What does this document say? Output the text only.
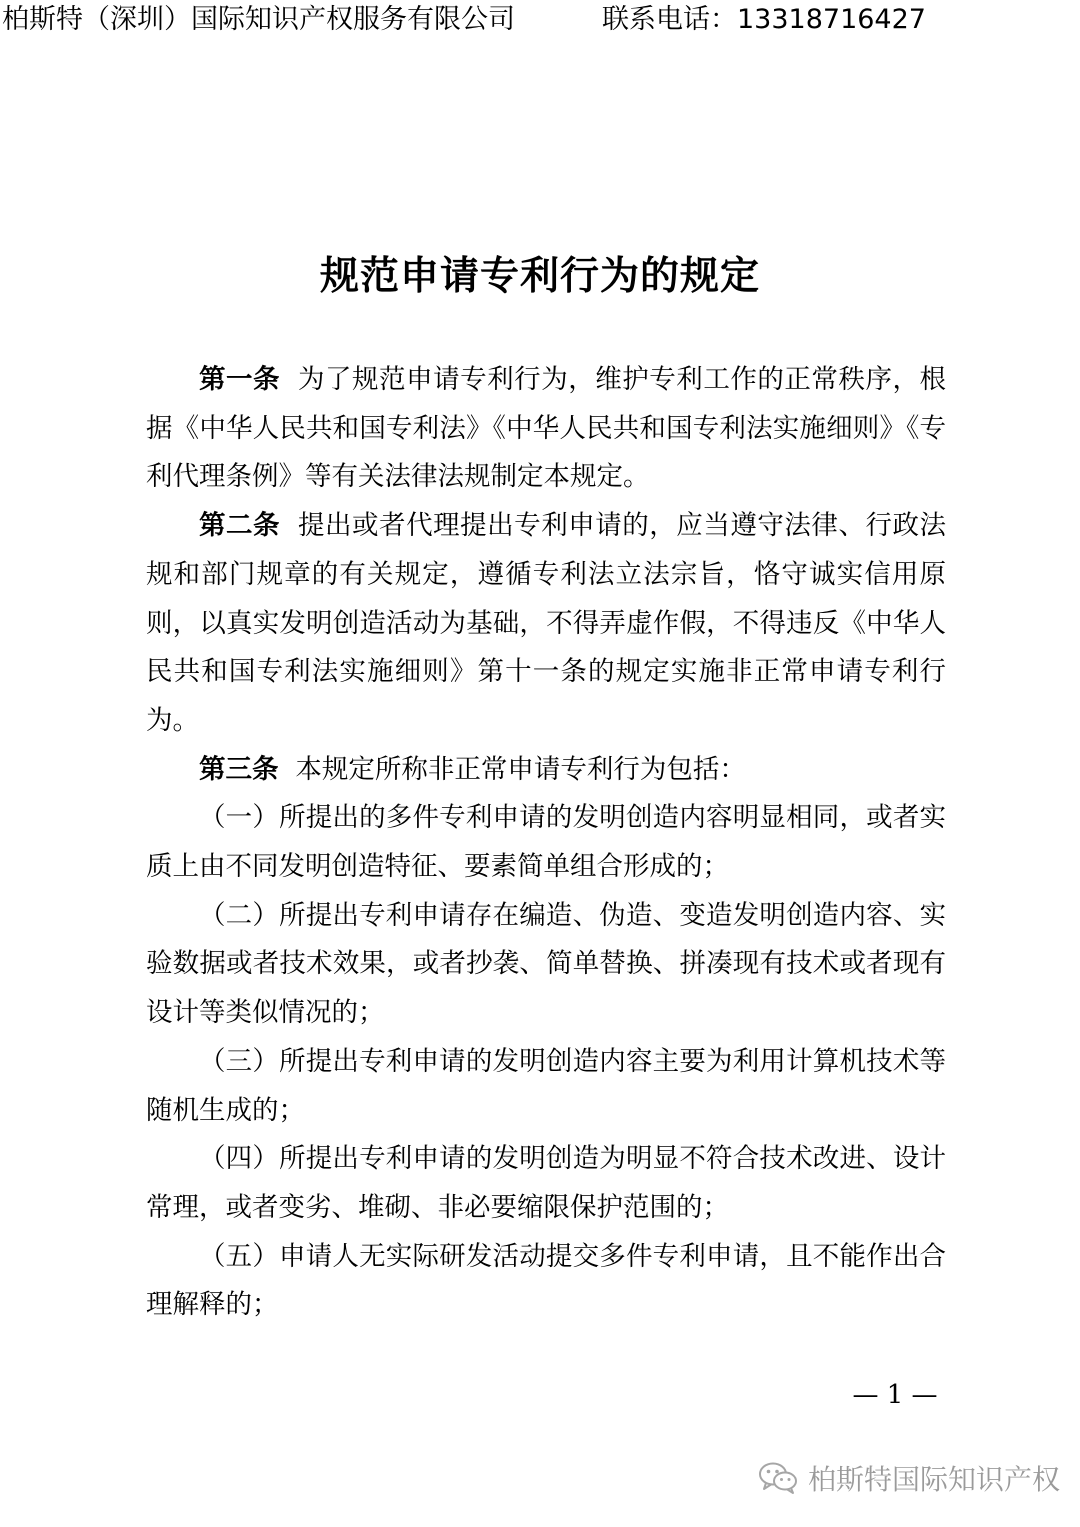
柏斯特（深圳）国际知识产权服务有限公司	联系电话：13318716427
规范申请专利行为的规定

第一条 为了规范申请专利行为，维护专利工作的正常秩序，根据《中华人民共和国专利法》《中华人民共和国专利法实施细则》《专利代理条例》等有关法律法规制定本规定。

第二条 提出或者代理提出专利申请的，应当遵守法律、行政法规和部门规章的有关规定，遵循专利法立法宗旨，恪守诚实信用原则，以真实发明创造活动为基础，不得弄虚作假，不得违反《中华人民共和国专利法实施细则》第十一条的规定实施非正常申请专利行为。

第三条 本规定所称非正常申请专利行为包括：

（一）所提出的多件专利申请的发明创造内容明显相同，或者实质上由不同发明创造特征、要素简单组合形成的；

（二）所提出专利申请存在编造、伪造、变造发明创造内容、实验数据或者技术效果，或者抄袭、简单替换、拼凑现有技术或者现有设计等类似情况的；

（三）所提出专利申请的发明创造内容主要为利用计算机技术等随机生成的；

（四）所提出专利申请的发明创造为明显不符合技术改进、设计常理，或者变劣、堆砌、非必要缩限保护范围的；

（五）申请人无实际研发活动提交多件专利申请，且不能作出合理解释的；

— 1 —
柏斯特国际知识产权
